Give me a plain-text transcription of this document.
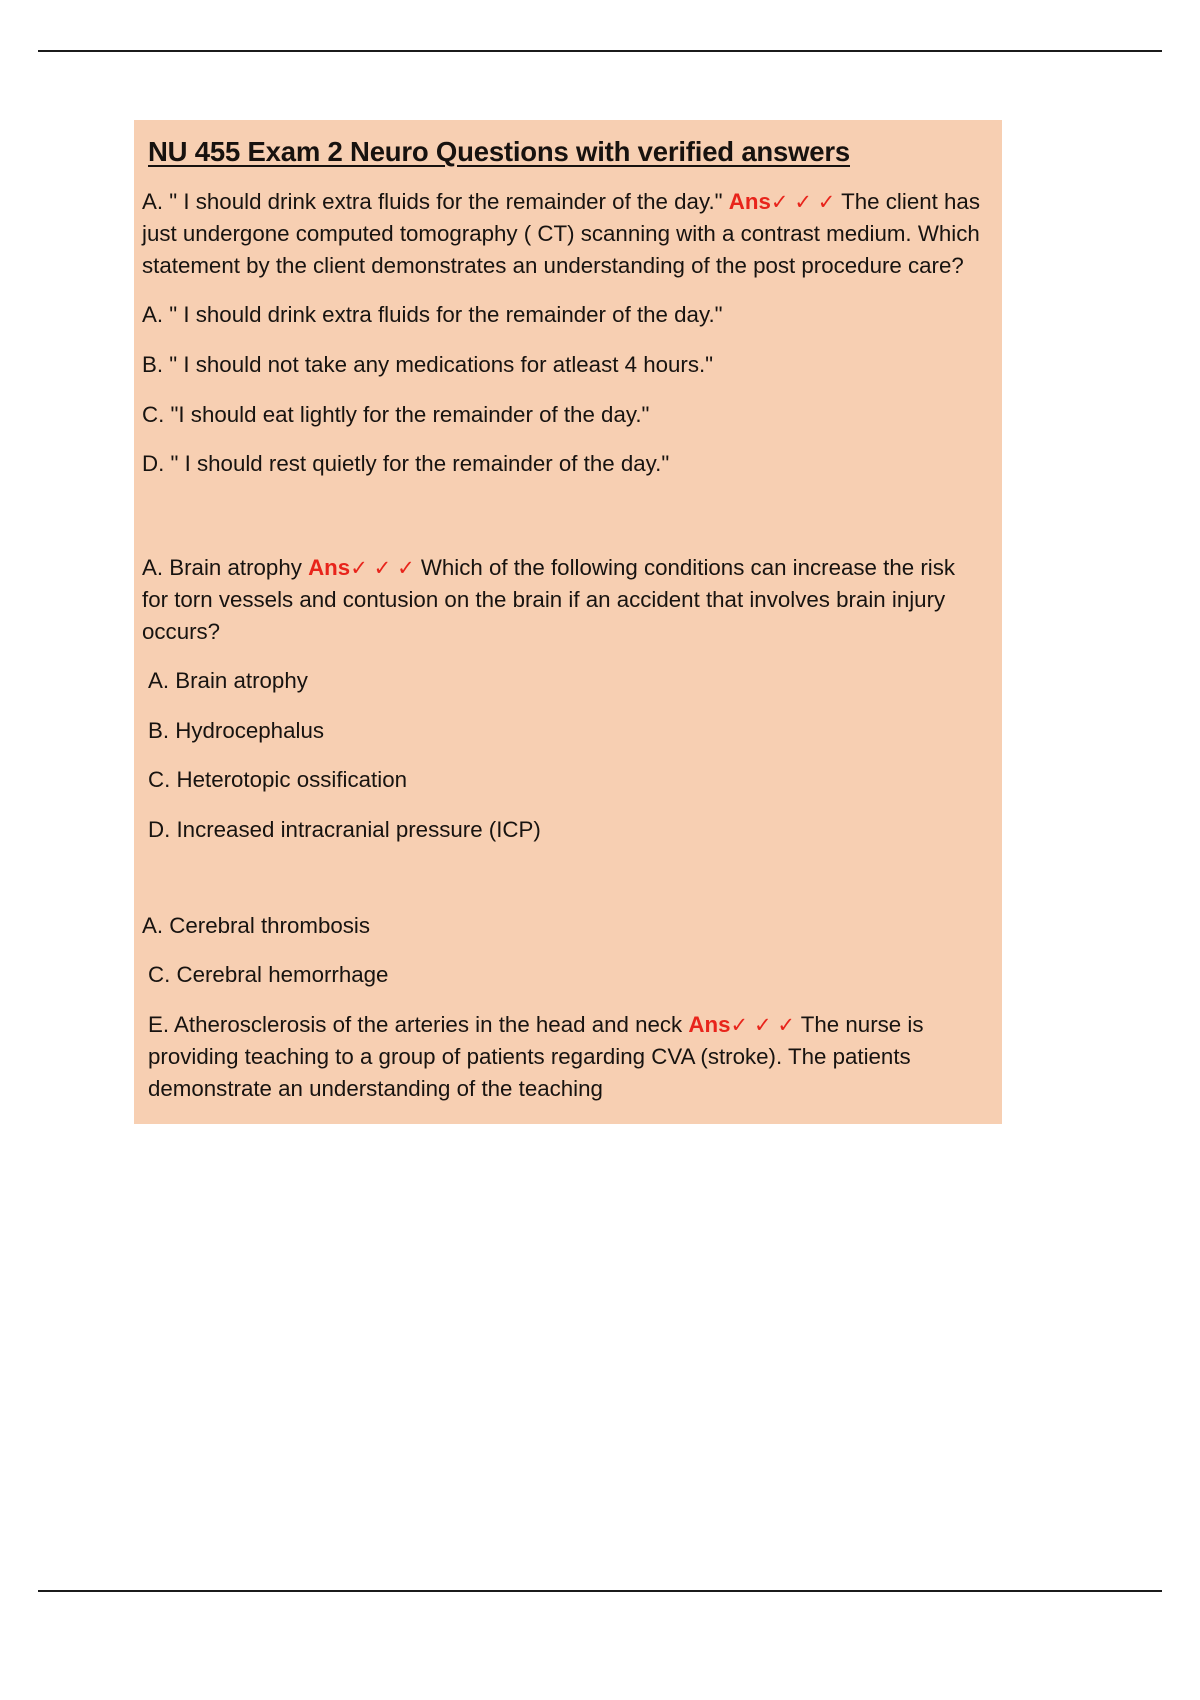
NU 455 Exam 2 Neuro Questions with verified answers

A. " I should drink extra fluids for the remainder of the day." Ans✓ ✓ ✓ The client has just undergone computed tomography ( CT) scanning with a contrast medium. Which statement by the client demonstrates an understanding of the post procedure care?

A. " I should drink extra fluids for the remainder of the day."

B. " I should not take any medications for atleast 4 hours."

C. "I should eat lightly for the remainder of the day."

D. " I should rest quietly for the remainder of the day."

A. Brain atrophy Ans✓ ✓ ✓ Which of the following conditions can increase the risk for torn vessels and contusion on the brain if an accident that involves brain injury occurs?

A. Brain atrophy

B. Hydrocephalus

C. Heterotopic ossification

D. Increased intracranial pressure (ICP)

A. Cerebral thrombosis

C. Cerebral hemorrhage

E. Atherosclerosis of the arteries in the head and neck Ans✓ ✓ ✓ The nurse is providing teaching to a group of patients regarding CVA (stroke). The patients demonstrate an understanding of the teaching
